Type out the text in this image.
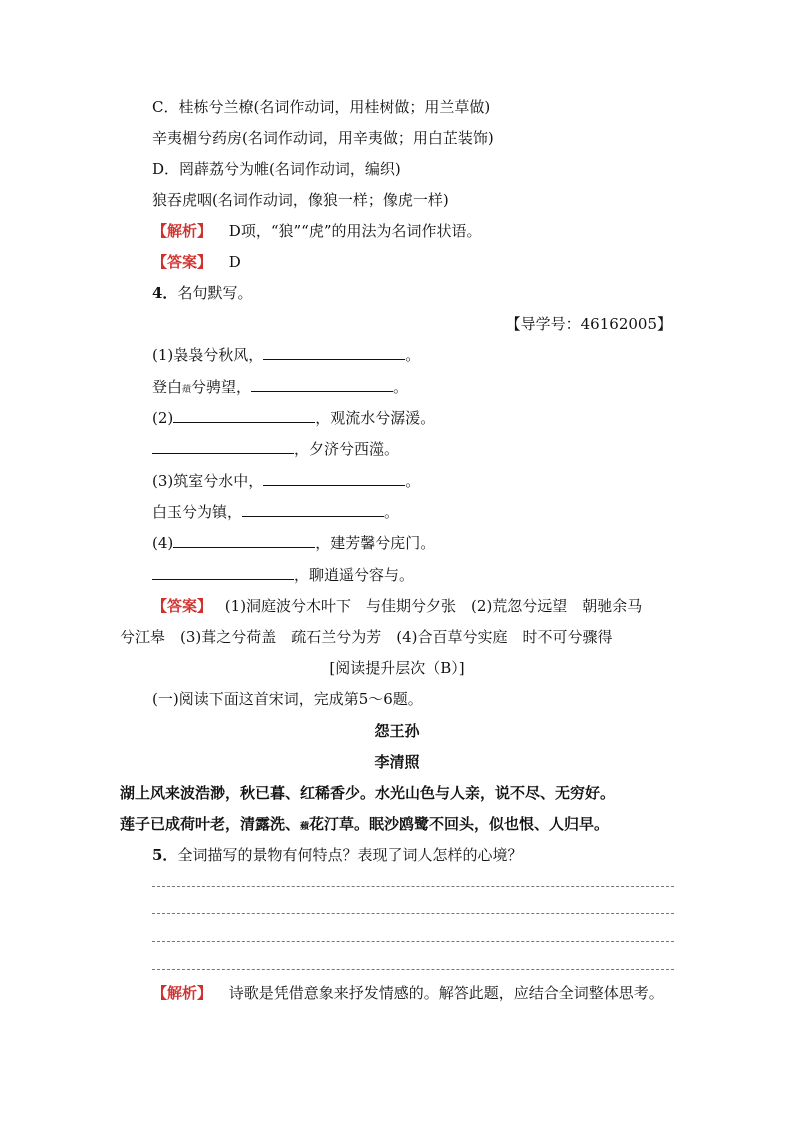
C．桂栋兮兰橑(名词作动词，用桂树做；用兰草做)
辛夷楣兮药房(名词作动词，用辛夷做；用白芷装饰)
D．罔薜荔兮为帷(名词作动词，编织)
狼吞虎咽(名词作动词，像狼一样；像虎一样)
【解析】 D项，“狼”“虎”的用法为名词作状语。
【答案】 D
4．名句默写。
【导学号：46162005】
(1)袅袅兮秋风，	。
登白薠兮骋望，	。
(2)	，观流水兮潺湲。
，夕济兮西澨。
(3)筑室兮水中，	。
白玉兮为镇，	。
(4)	，建芳馨兮庑门。
，聊逍遥兮容与。
【答案】 (1)洞庭波兮木叶下　与佳期兮夕张　(2)荒忽兮远望　朝驰余马
兮江皋　(3)葺之兮荷盖　疏石兰兮为芳　(4)合百草兮实庭　时不可兮骤得
[阅读提升层次（B）]
(一)阅读下面这首宋词，完成第5～6题。
怨王孙
李清照
湖上风来波浩渺，秋已暮、红稀香少。水光山色与人亲，说不尽、无穷好。
莲子已成荷叶老，清露洗、蘋花汀草。眠沙鸥鹭不回头，似也恨、人归早。
5．全词描写的景物有何特点？表现了词人怎样的心境？
【解析】 诗歌是凭借意象来抒发情感的。解答此题，应结合全词整体思考。
